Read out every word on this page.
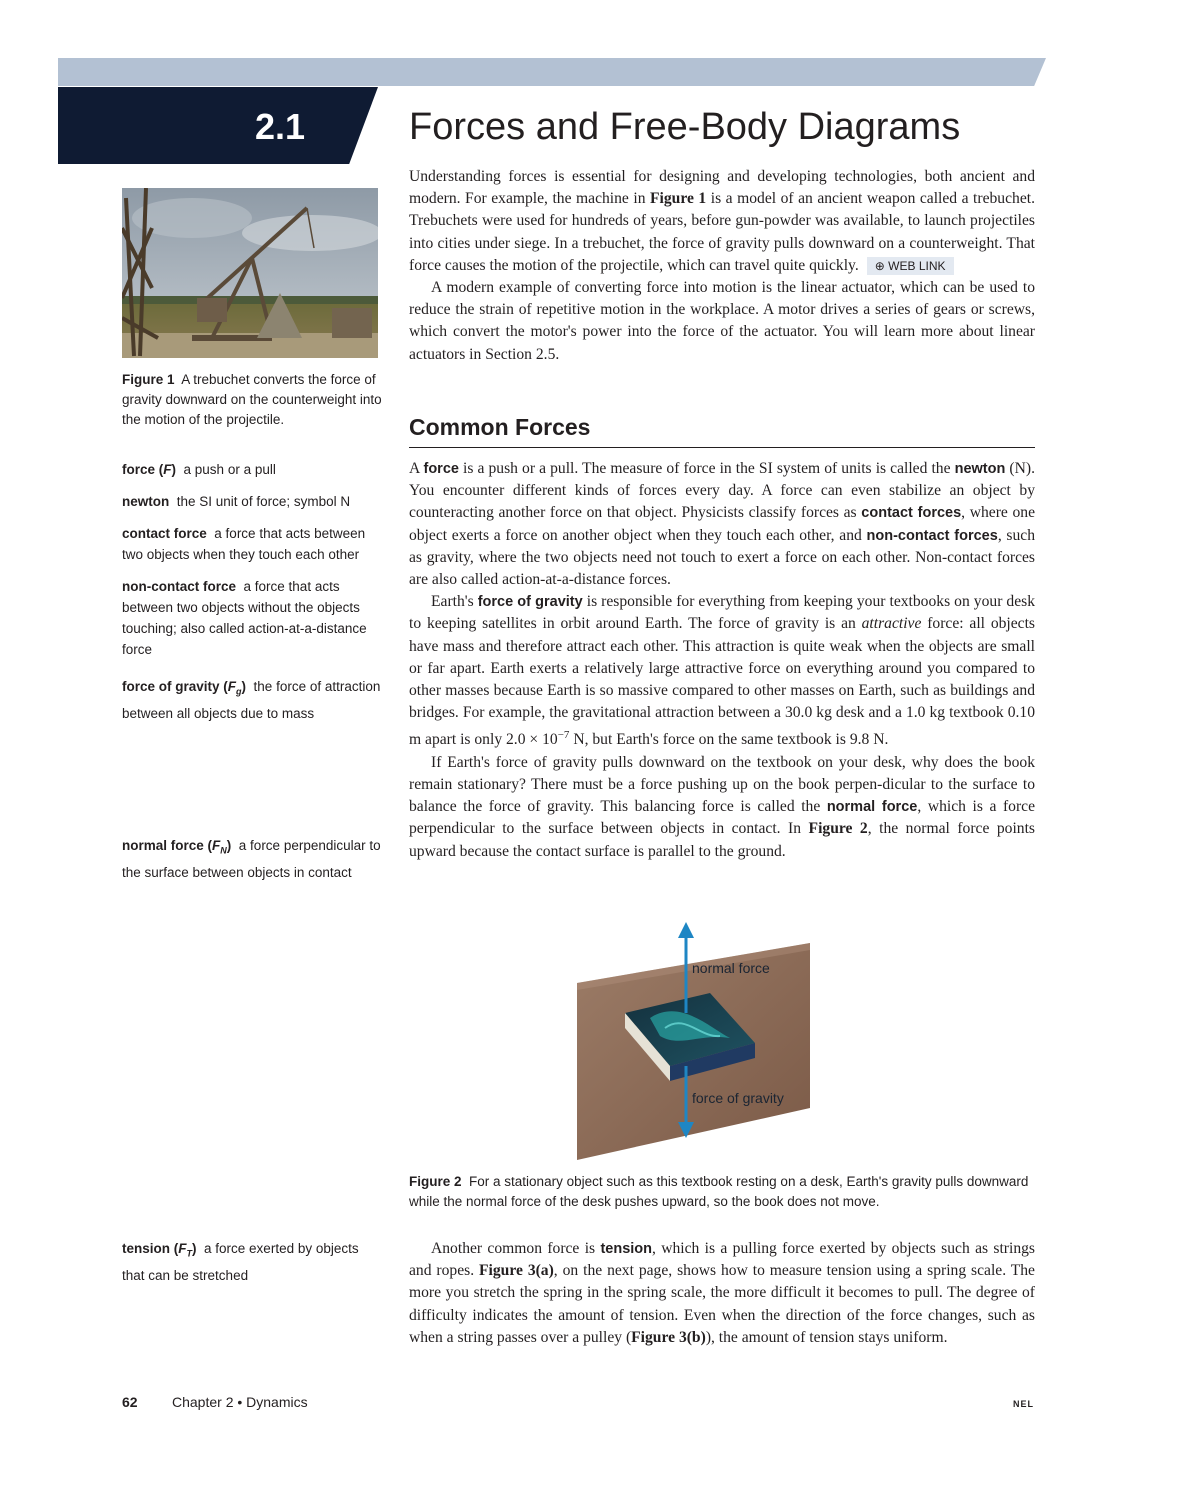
2.1	Forces and Free-Body Diagrams
Figure 1 A trebuchet converts the force of gravity downward on the counterweight into the motion of the projectile.
force (F) a push or a pull
newton the SI unit of force; symbol N
contact force a force that acts between two objects when they touch each other
non-contact force a force that acts between two objects without the objects touching; also called action-at-a-distance force
force of gravity $(F_g)$ the force of attraction between all objects due to mass
normal force $(F_N)$ a force perpendicular to the surface between objects in contact
tension $(F_T)$ a force exerted by objects that can be stretched

Understanding forces is essential for designing and developing technologies, both ancient and modern. For example, the machine in Figure 1 is a model of an ancient weapon called a trebuchet. Trebuchets were used for hundreds of years, before gun-powder was available, to launch projectiles into cities under siege. In a trebuchet, the force of gravity pulls downward on a counterweight. That force causes the motion of the projectile, which can travel quite quickly. ⊕ WEB LINK

A modern example of converting force into motion is the linear actuator, which can be used to reduce the strain of repetitive motion in the workplace. A motor drives a series of gears or screws, which convert the motor's power into the force of the actuator. You will learn more about linear actuators in Section 2.5.

Common Forces

A force is a push or a pull. The measure of force in the SI system of units is called the newton (N). You encounter different kinds of forces every day. A force can even stabilize an object by counteracting another force on that object. Physicists classify forces as contact forces, where one object exerts a force on another object when they touch each other, and non-contact forces, such as gravity, where the two objects need not touch to exert a force on each other. Non-contact forces are also called action-at-a-distance forces.

Earth's force of gravity is responsible for everything from keeping your textbooks on your desk to keeping satellites in orbit around Earth. The force of gravity is an attractive force: all objects have mass and therefore attract each other. This attraction is quite weak when the objects are small or far apart. Earth exerts a relatively large attractive force on everything around you compared to other masses because Earth is so massive compared to other masses on Earth, such as buildings and bridges. For example, the gravitational attraction between a 30.0 kg desk and a 1.0 kg textbook 0.10 m apart is only $2.0 \times 10^{-7}$ N, but Earth's force on the same textbook is 9.8 N.

If Earth's force of gravity pulls downward on the textbook on your desk, why does the book remain stationary? There must be a force pushing up on the book perpen-dicular to the surface to balance the force of gravity. This balancing force is called the normal force, which is a force perpendicular to the surface between objects in contact. In Figure 2, the normal force points upward because the contact surface is parallel to the ground.

normal force
force of gravity
Figure 2 For a stationary object such as this textbook resting on a desk, Earth's gravity pulls downward while the normal force of the desk pushes upward, so the book does not move.

Another common force is tension, which is a pulling force exerted by objects such as strings and ropes. Figure 3(a), on the next page, shows how to measure tension using a spring scale. The more you stretch the spring in the spring scale, the more difficult it becomes to pull. The degree of difficulty indicates the amount of tension. Even when the direction of the force changes, such as when a string passes over a pulley (Figure 3(b)), the amount of tension stays uniform.

62 Chapter 2 • Dynamics	NEL
